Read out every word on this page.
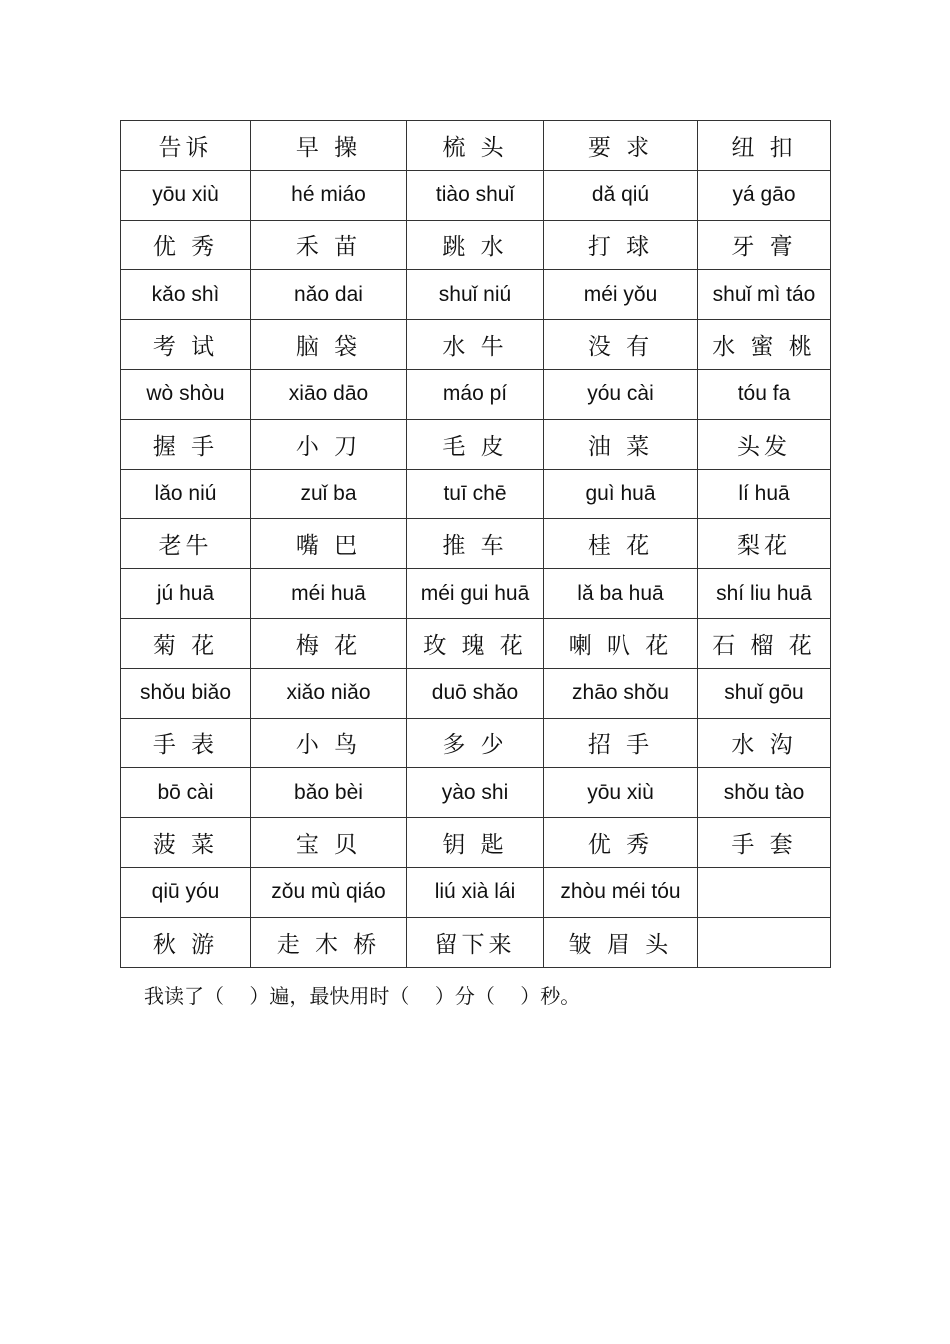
告诉	早 操	梳 头	要 求	纽 扣
yōu xiù	hé miáo	tiào shuǐ	dǎ qiú	yá gāo
优 秀	禾 苗	跳 水	打 球	牙 膏
kǎo shì	nǎo dai	shuǐ niú	méi yǒu	shuǐ mì táo
考 试	脑 袋	水 牛	没 有	水 蜜 桃
wò shòu	xiāo dāo	máo pí	yóu cài	tóu fa
握 手	小 刀	毛 皮	油 菜	头发
lǎo niú	zuǐ ba	tuī chē	guì huā	lí huā
老牛	嘴 巴	推 车	桂 花	梨花
jú huā	méi huā	méi gui huā	lǎ ba huā	shí liu huā
菊 花	梅 花	玫 瑰 花	喇 叭 花	石 榴 花
shǒu biǎo	xiǎo niǎo	duō shǎo	zhāo shǒu	shuǐ gōu
手 表	小 鸟	多 少	招 手	水 沟
bō cài	bǎo bèi	yào shi	yōu xiù	shǒu tào
菠 菜	宝 贝	钥 匙	优 秀	手 套
qiū yóu	zǒu mù qiáo	liú xià lái	zhòu méi tóu	
秋 游	走 木 桥	留下来	皱 眉 头	
我读了（    ）遍，最快用时（    ）分（    ）秒。
